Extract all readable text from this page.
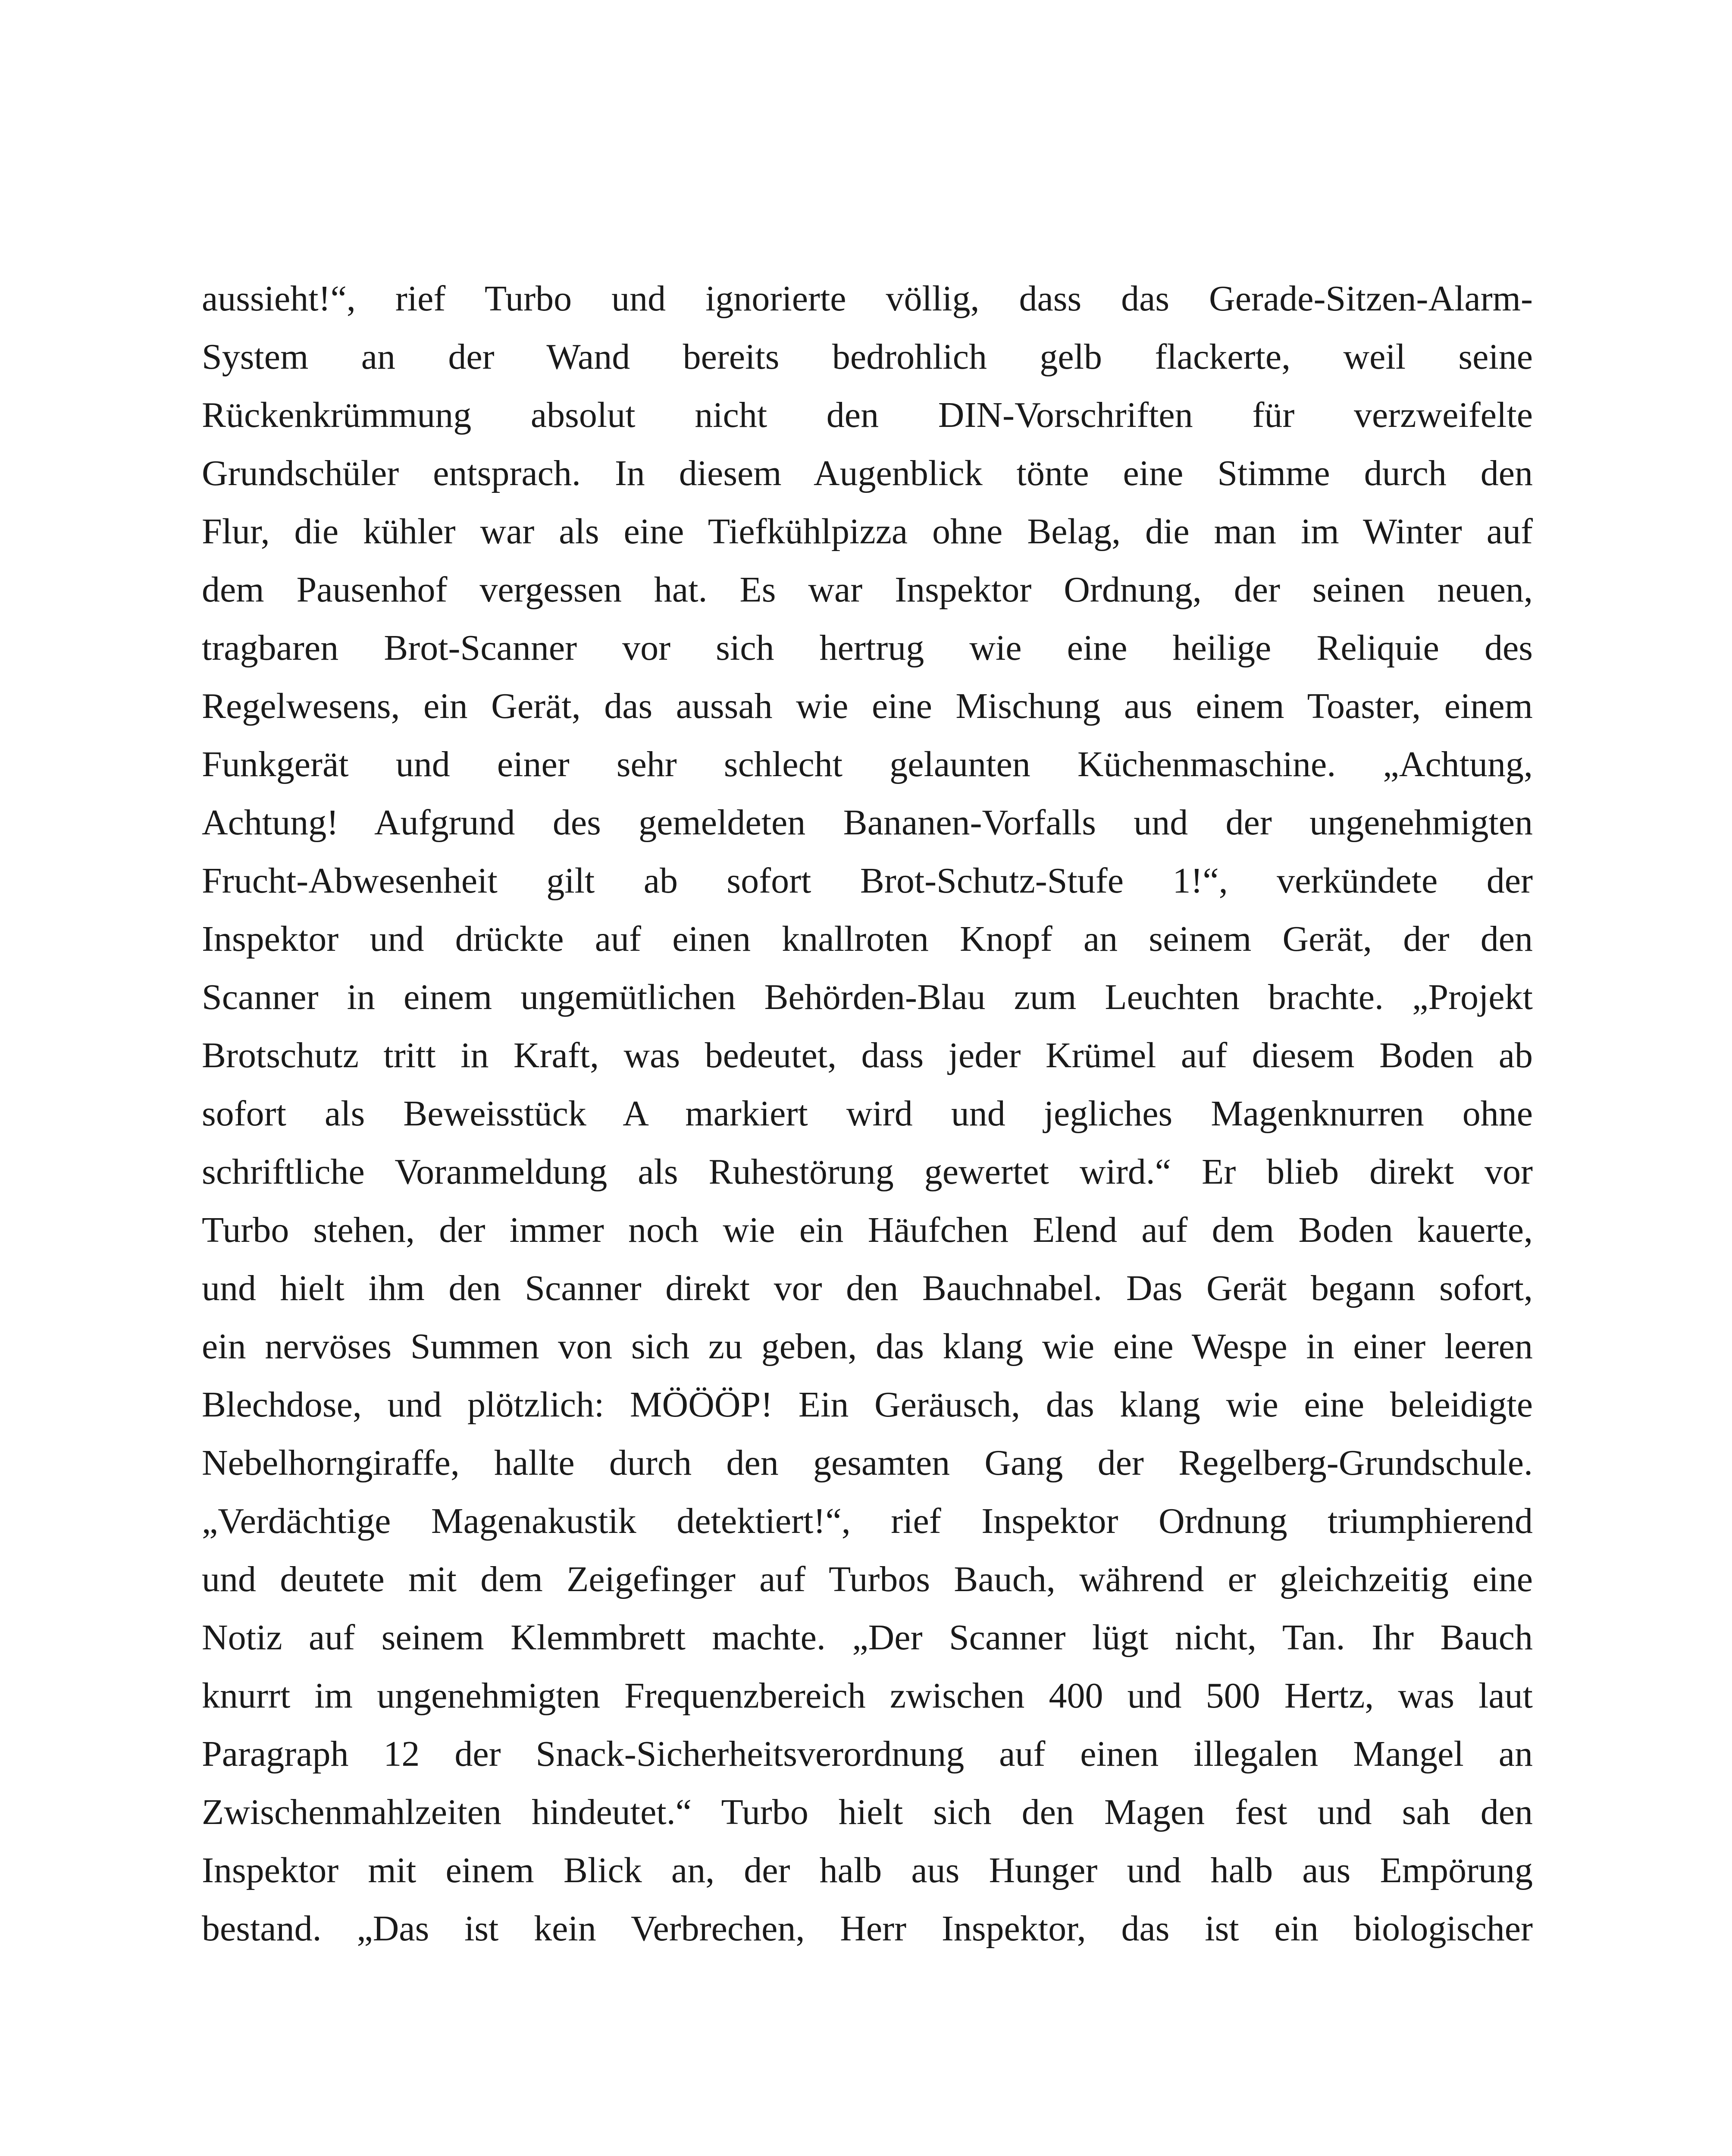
aussieht!“, rief Turbo und ignorierte völlig, dass das Gerade-Sitzen-Alarm-
System an der Wand bereits bedrohlich gelb flackerte, weil seine
Rückenkrümmung absolut nicht den DIN-Vorschriften für verzweifelte
Grundschüler entsprach. In diesem Augenblick tönte eine Stimme durch den
Flur, die kühler war als eine Tiefkühlpizza ohne Belag, die man im Winter auf
dem Pausenhof vergessen hat. Es war Inspektor Ordnung, der seinen neuen,
tragbaren Brot-Scanner vor sich hertrug wie eine heilige Reliquie des
Regelwesens, ein Gerät, das aussah wie eine Mischung aus einem Toaster, einem
Funkgerät und einer sehr schlecht gelaunten Küchenmaschine. „Achtung,
Achtung! Aufgrund des gemeldeten Bananen-Vorfalls und der ungenehmigten
Frucht-Abwesenheit gilt ab sofort Brot-Schutz-Stufe 1!“, verkündete der
Inspektor und drückte auf einen knallroten Knopf an seinem Gerät, der den
Scanner in einem ungemütlichen Behörden-Blau zum Leuchten brachte. „Projekt
Brotschutz tritt in Kraft, was bedeutet, dass jeder Krümel auf diesem Boden ab
sofort als Beweisstück A markiert wird und jegliches Magenknurren ohne
schriftliche Voranmeldung als Ruhestörung gewertet wird.“ Er blieb direkt vor
Turbo stehen, der immer noch wie ein Häufchen Elend auf dem Boden kauerte,
und hielt ihm den Scanner direkt vor den Bauchnabel. Das Gerät begann sofort,
ein nervöses Summen von sich zu geben, das klang wie eine Wespe in einer leeren
Blechdose, und plötzlich: MÖÖÖP! Ein Geräusch, das klang wie eine beleidigte
Nebelhorngiraffe, hallte durch den gesamten Gang der Regelberg-Grundschule.
„Verdächtige Magenakustik detektiert!“, rief Inspektor Ordnung triumphierend
und deutete mit dem Zeigefinger auf Turbos Bauch, während er gleichzeitig eine
Notiz auf seinem Klemmbrett machte. „Der Scanner lügt nicht, Tan. Ihr Bauch
knurrt im ungenehmigten Frequenzbereich zwischen 400 und 500 Hertz, was laut
Paragraph 12 der Snack-Sicherheitsverordnung auf einen illegalen Mangel an
Zwischenmahlzeiten hindeutet.“ Turbo hielt sich den Magen fest und sah den
Inspektor mit einem Blick an, der halb aus Hunger und halb aus Empörung
bestand. „Das ist kein Verbrechen, Herr Inspektor, das ist ein biologischer
